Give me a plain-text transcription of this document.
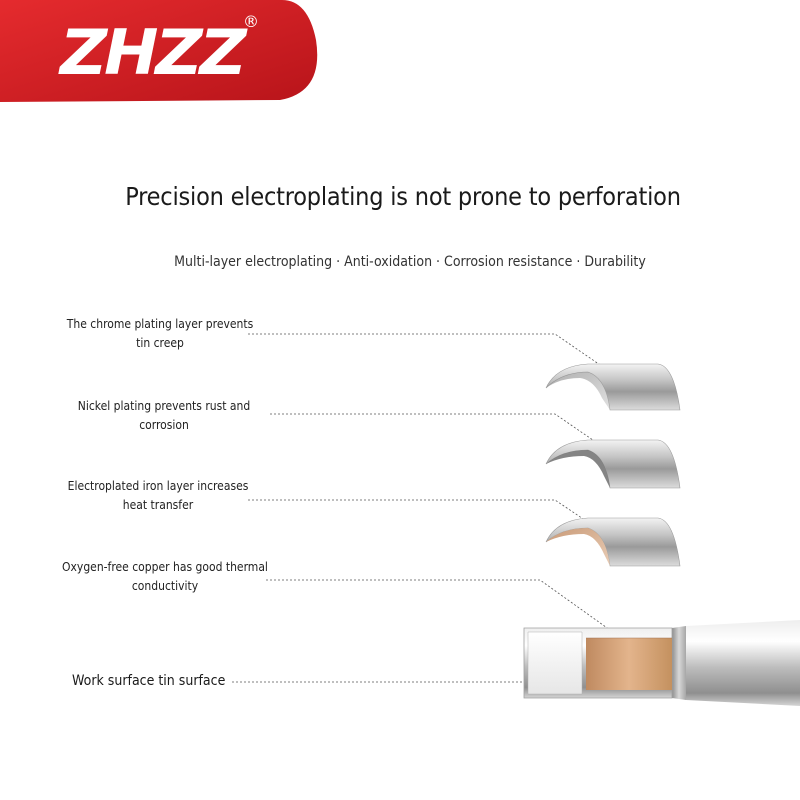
ZHZZ ®
Precision electroplating is not prone to perforation
Multi-layer electroplating · Anti-oxidation · Corrosion resistance · Durability
The chrome plating layer prevents
tin creep
Nickel plating prevents rust and
corrosion
Electroplated iron layer increases
heat transfer
Oxygen-free copper has good thermal
conductivity
Work surface tin surface
